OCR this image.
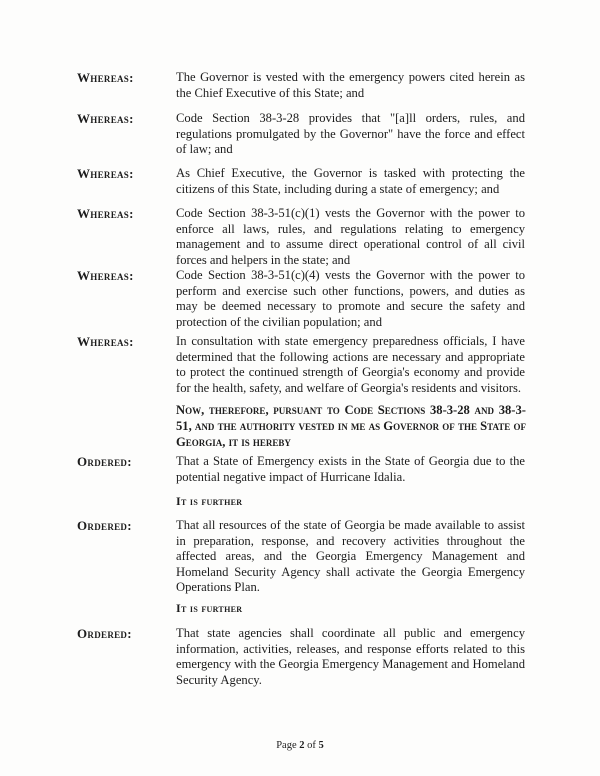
Whereas:	The Governor is vested with the emergency powers cited herein as the Chief Executive of this State; and
Whereas:	Code Section 38-3-28 provides that "[a]ll orders, rules, and regulations promulgated by the Governor" have the force and effect of law; and
Whereas:	As Chief Executive, the Governor is tasked with protecting the citizens of this State, including during a state of emergency; and
Whereas:	Code Section 38-3-51(c)(1) vests the Governor with the power to enforce all laws, rules, and regulations relating to emergency management and to assume direct operational control of all civil forces and helpers in the state; and
Whereas:	Code Section 38-3-51(c)(4) vests the Governor with the power to perform and exercise such other functions, powers, and duties as may be deemed necessary to promote and secure the safety and protection of the civilian population; and
Whereas:	In consultation with state emergency preparedness officials, I have determined that the following actions are necessary and appropriate to protect the continued strength of Georgia's economy and provide for the health, safety, and welfare of Georgia's residents and visitors.
Now, therefore, pursuant to Code Sections 38-3-28 and 38-3-51, and the authority vested in me as Governor of the State of Georgia, it is hereby
Ordered:	That a State of Emergency exists in the State of Georgia due to the potential negative impact of Hurricane Idalia.
It is further
Ordered:	That all resources of the state of Georgia be made available to assist in preparation, response, and recovery activities throughout the affected areas, and the Georgia Emergency Management and Homeland Security Agency shall activate the Georgia Emergency Operations Plan.
It is further
Ordered:	That state agencies shall coordinate all public and emergency information, activities, releases, and response efforts related to this emergency with the Georgia Emergency Management and Homeland Security Agency.
Page 2 of 5
